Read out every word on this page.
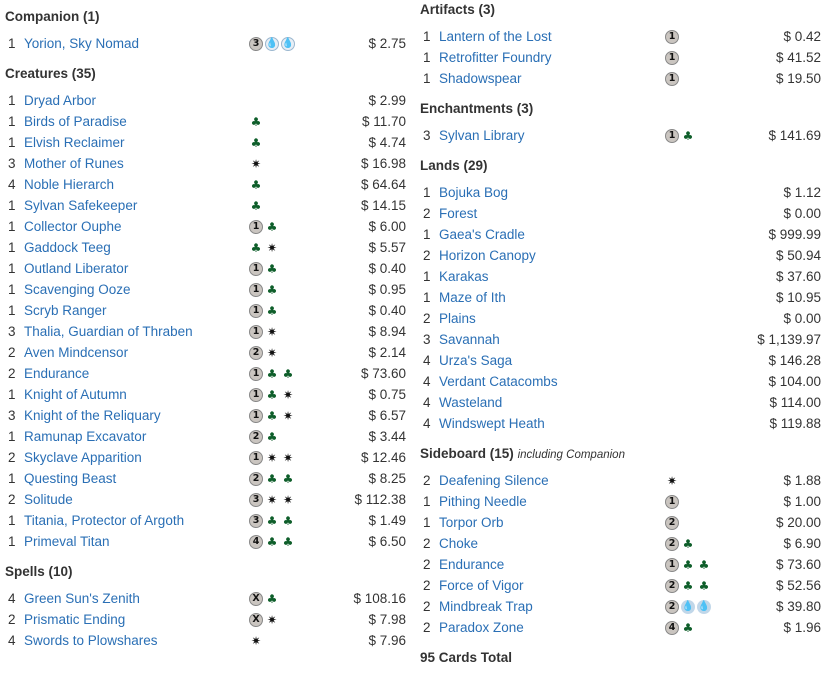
Companion (1)
1 Yorion, Sky Nomad	3 💧 💧	$ 2.75
Creatures (35)
1 Dryad Arbor	$ 2.99
1 Birds of Paradise	♣	$ 11.70
1 Elvish Reclaimer	♣	$ 4.74
3 Mother of Runes	✷	$ 16.98
4 Noble Hierarch	♣	$ 64.64
1 Sylvan Safekeeper	♣	$ 14.15
1 Collector Ouphe	1 ♣	$ 6.00
1 Gaddock Teeg	♣ ✷	$ 5.57
1 Outland Liberator	1 ♣	$ 0.40
1 Scavenging Ooze	1 ♣	$ 0.95
1 Scryb Ranger	1 ♣	$ 0.40
3 Thalia, Guardian of Thraben	1 ✷	$ 8.94
2 Aven Mindcensor	2 ✷	$ 2.14
2 Endurance	1 ♣ ♣	$ 73.60
1 Knight of Autumn	1 ♣ ✷	$ 0.75
3 Knight of the Reliquary	1 ♣ ✷	$ 6.57
1 Ramunap Excavator	2 ♣	$ 3.44
2 Skyclave Apparition	1 ✷ ✷	$ 12.46
1 Questing Beast	2 ♣ ♣	$ 8.25
2 Solitude	3 ✷ ✷	$ 112.38
1 Titania, Protector of Argoth	3 ♣ ♣	$ 1.49
1 Primeval Titan	4 ♣ ♣	$ 6.50
Spells (10)
4 Green Sun's Zenith	X ♣	$ 108.16
2 Prismatic Ending	X ✷	$ 7.98
4 Swords to Plowshares	✷	$ 7.96
Artifacts (3)
1 Lantern of the Lost	1	$ 0.42
1 Retrofitter Foundry	1	$ 41.52
1 Shadowspear	1	$ 19.50
Enchantments (3)
3 Sylvan Library	1 ♣	$ 141.69
Lands (29)
1 Bojuka Bog	$ 1.12
2 Forest	$ 0.00
1 Gaea's Cradle	$ 999.99
2 Horizon Canopy	$ 50.94
1 Karakas	$ 37.60
1 Maze of Ith	$ 10.95
2 Plains	$ 0.00
3 Savannah	$ 1,139.97
4 Urza's Saga	$ 146.28
4 Verdant Catacombs	$ 104.00
4 Wasteland	$ 114.00
4 Windswept Heath	$ 119.88
Sideboard (15) including Companion
2 Deafening Silence	✷	$ 1.88
1 Pithing Needle	1	$ 1.00
1 Torpor Orb	2	$ 20.00
2 Choke	2 ♣	$ 6.90
2 Endurance	1 ♣ ♣	$ 73.60
2 Force of Vigor	2 ♣ ♣	$ 52.56
2 Mindbreak Trap	2 💧 💧	$ 39.80
2 Paradox Zone	4 ♣	$ 1.96
95 Cards Total
